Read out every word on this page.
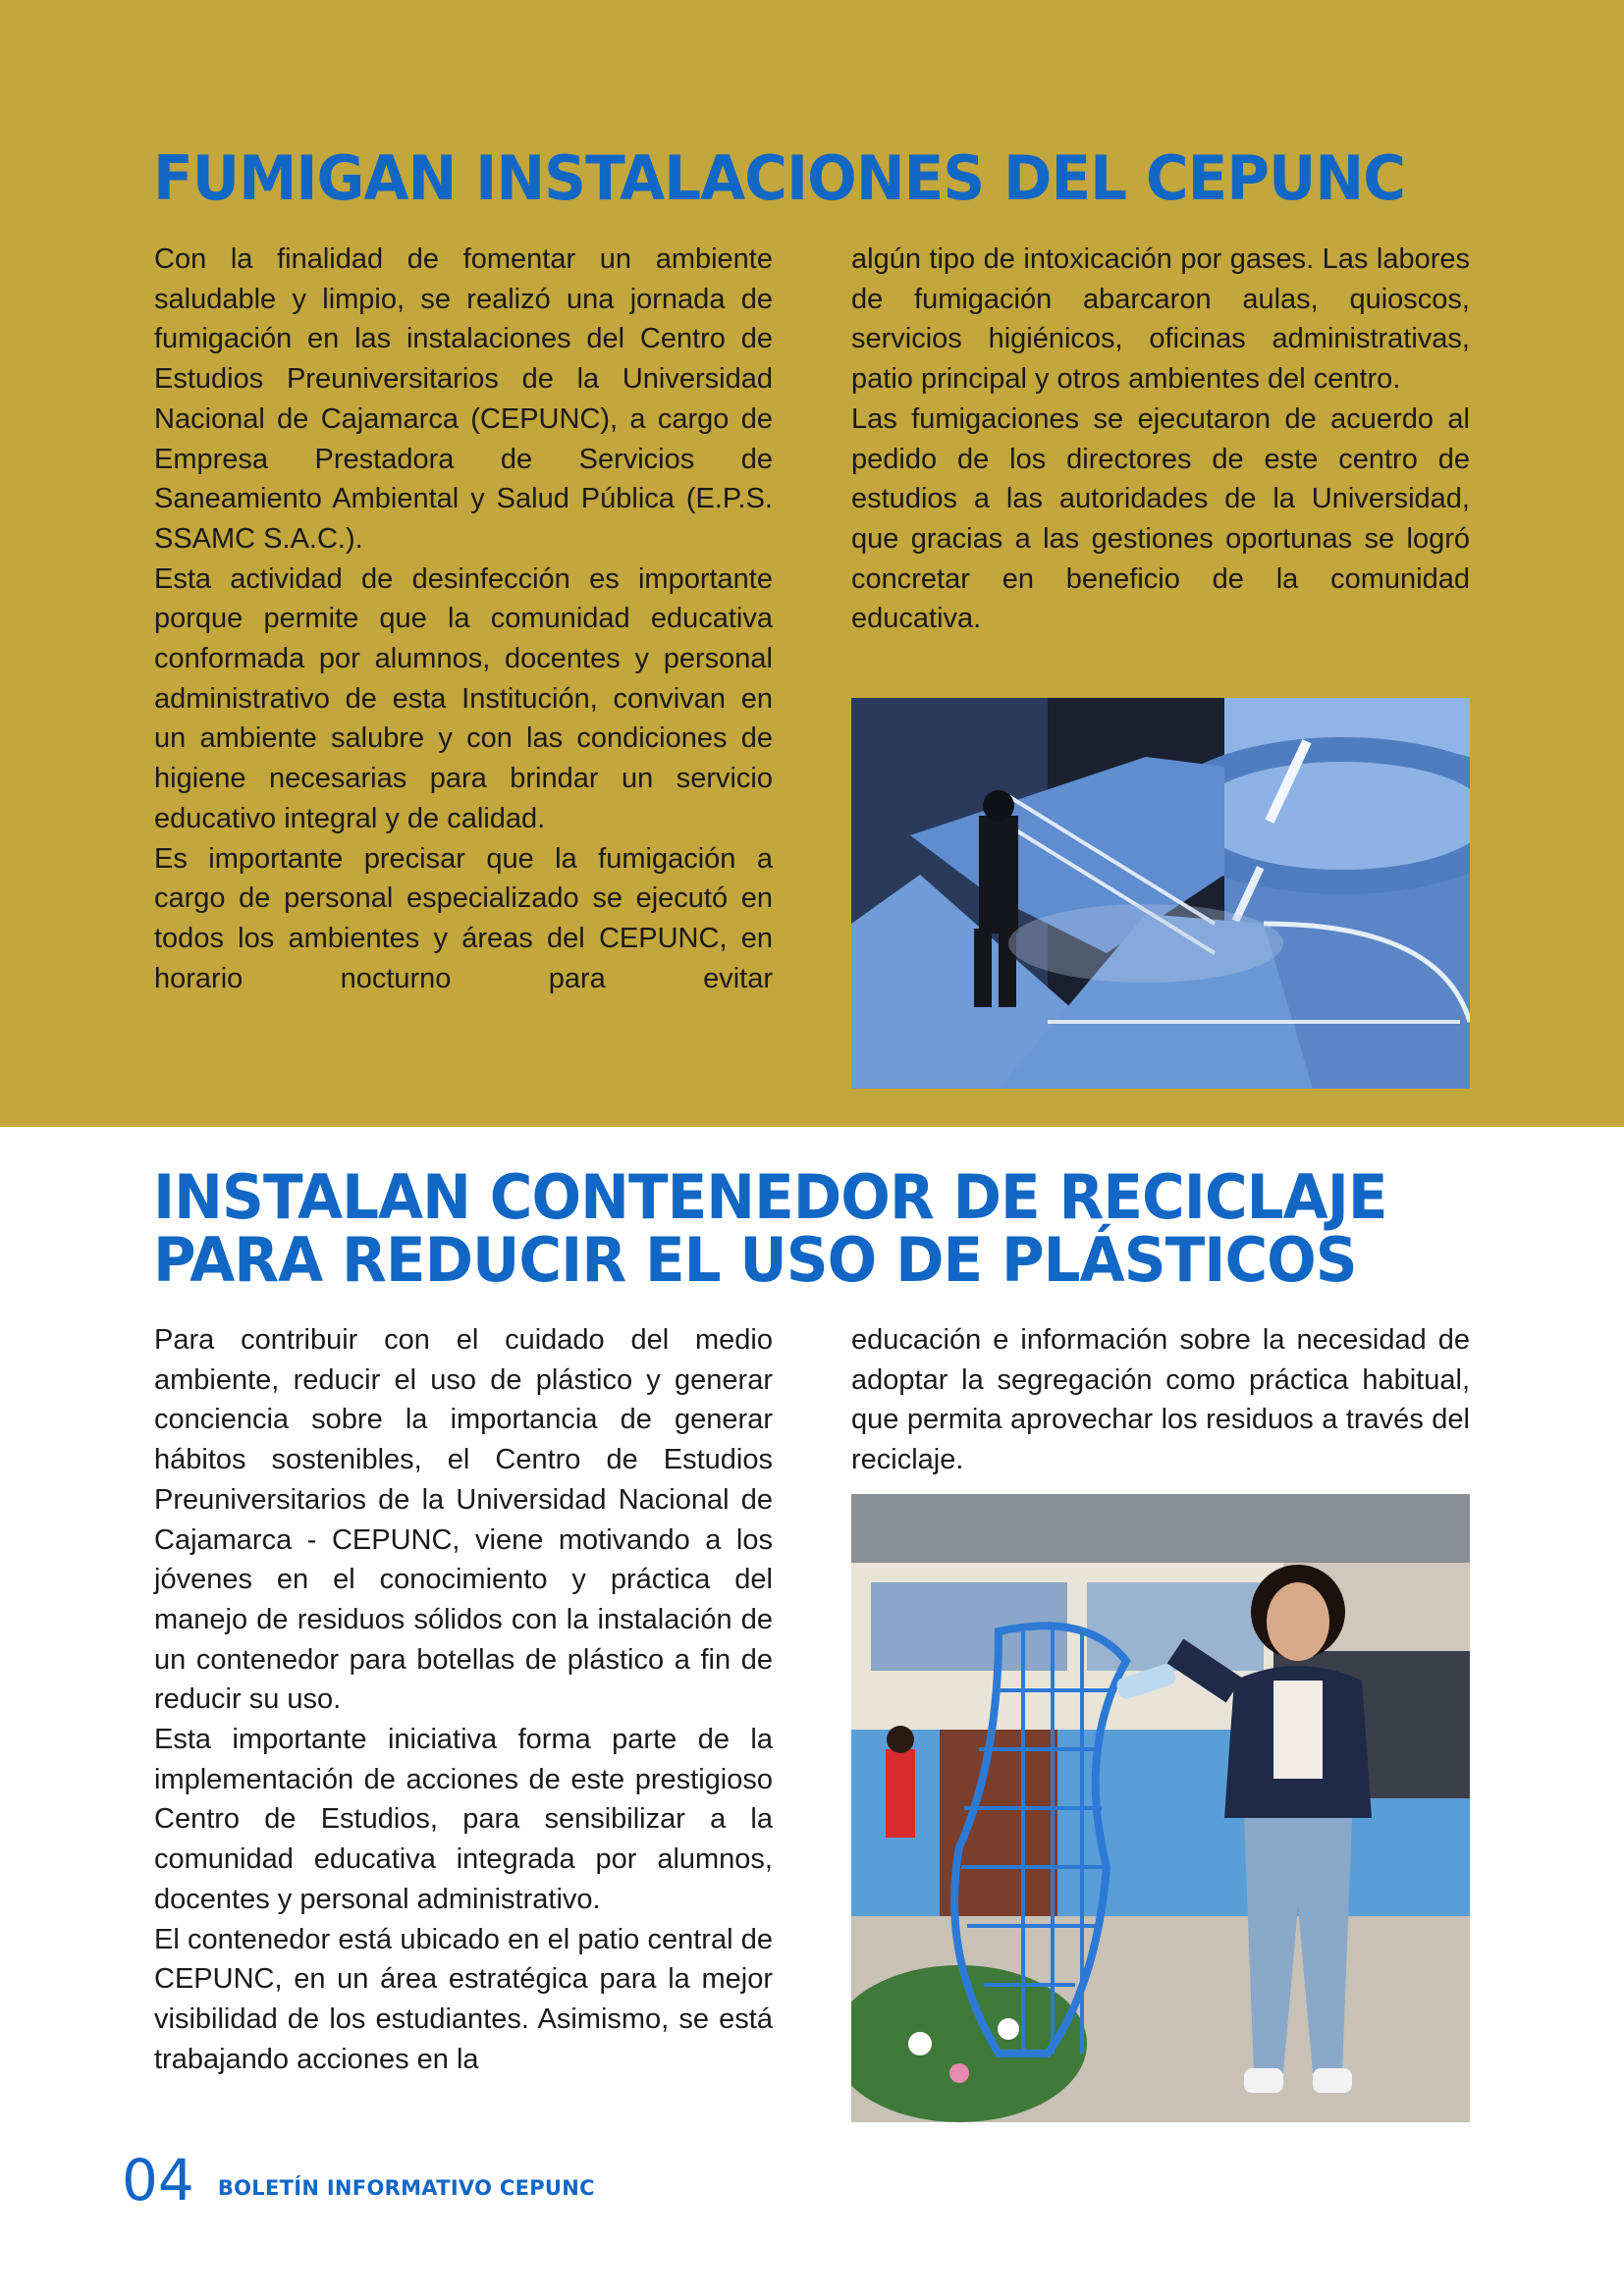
FUMIGAN INSTALACIONES DEL CEPUNC

Con la finalidad de fomentar un ambiente saludable y limpio, se realizó una jornada de fumigación en las instalaciones del Centro de Estudios Preuniversitarios de la Universidad Nacional de Cajamarca (CEPUNC), a cargo de Empresa Prestadora de Servicios de Saneamiento Ambiental y Salud Pública (E.P.S. SSAMC S.A.C.).

Esta actividad de desinfección es importante porque permite que la comunidad educativa conformada por alumnos, docentes y personal administrativo de esta Institución, convivan en un ambiente salubre y con las condiciones de higiene necesarias para brindar un servicio educativo integral y de calidad.

Es importante precisar que la fumigación a cargo de personal especializado se ejecutó en todos los ambientes y áreas del CEPUNC, en horario nocturno para evitar

algún tipo de intoxicación por gases. Las labores de fumigación abarcaron aulas, quioscos, servicios higiénicos, oficinas administrativas, patio principal y otros ambientes del centro.

Las fumigaciones se ejecutaron de acuerdo al pedido de los directores de este centro de estudios a las autoridades de la Universidad, que gracias a las gestiones oportunas se logró concretar en beneficio de la comunidad educativa.

INSTALAN CONTENEDOR DE RECICLAJE
PARA REDUCIR EL USO DE PLÁSTICOS

Para contribuir con el cuidado del medio ambiente, reducir el uso de plástico y generar conciencia sobre la importancia de generar hábitos sostenibles, el Centro de Estudios Preuniversitarios de la Universidad Nacional de Cajamarca - CEPUNC, viene motivando a los jóvenes en el conocimiento y práctica del manejo de residuos sólidos con la instalación de un contenedor para botellas de plástico a fin de reducir su uso.

Esta importante iniciativa forma parte de la implementación de acciones de este prestigioso Centro de Estudios, para sensibilizar a la comunidad educativa integrada por alumnos, docentes y personal administrativo.

El contenedor está ubicado en el patio central de CEPUNC, en un área estratégica para la mejor visibilidad de los estudiantes. Asimismo, se está trabajando acciones en la

educación e información sobre la necesidad de adoptar la segregación como práctica habitual, que permita aprovechar los residuos a través del reciclaje.

04 BOLETÍN INFORMATIVO CEPUNC
